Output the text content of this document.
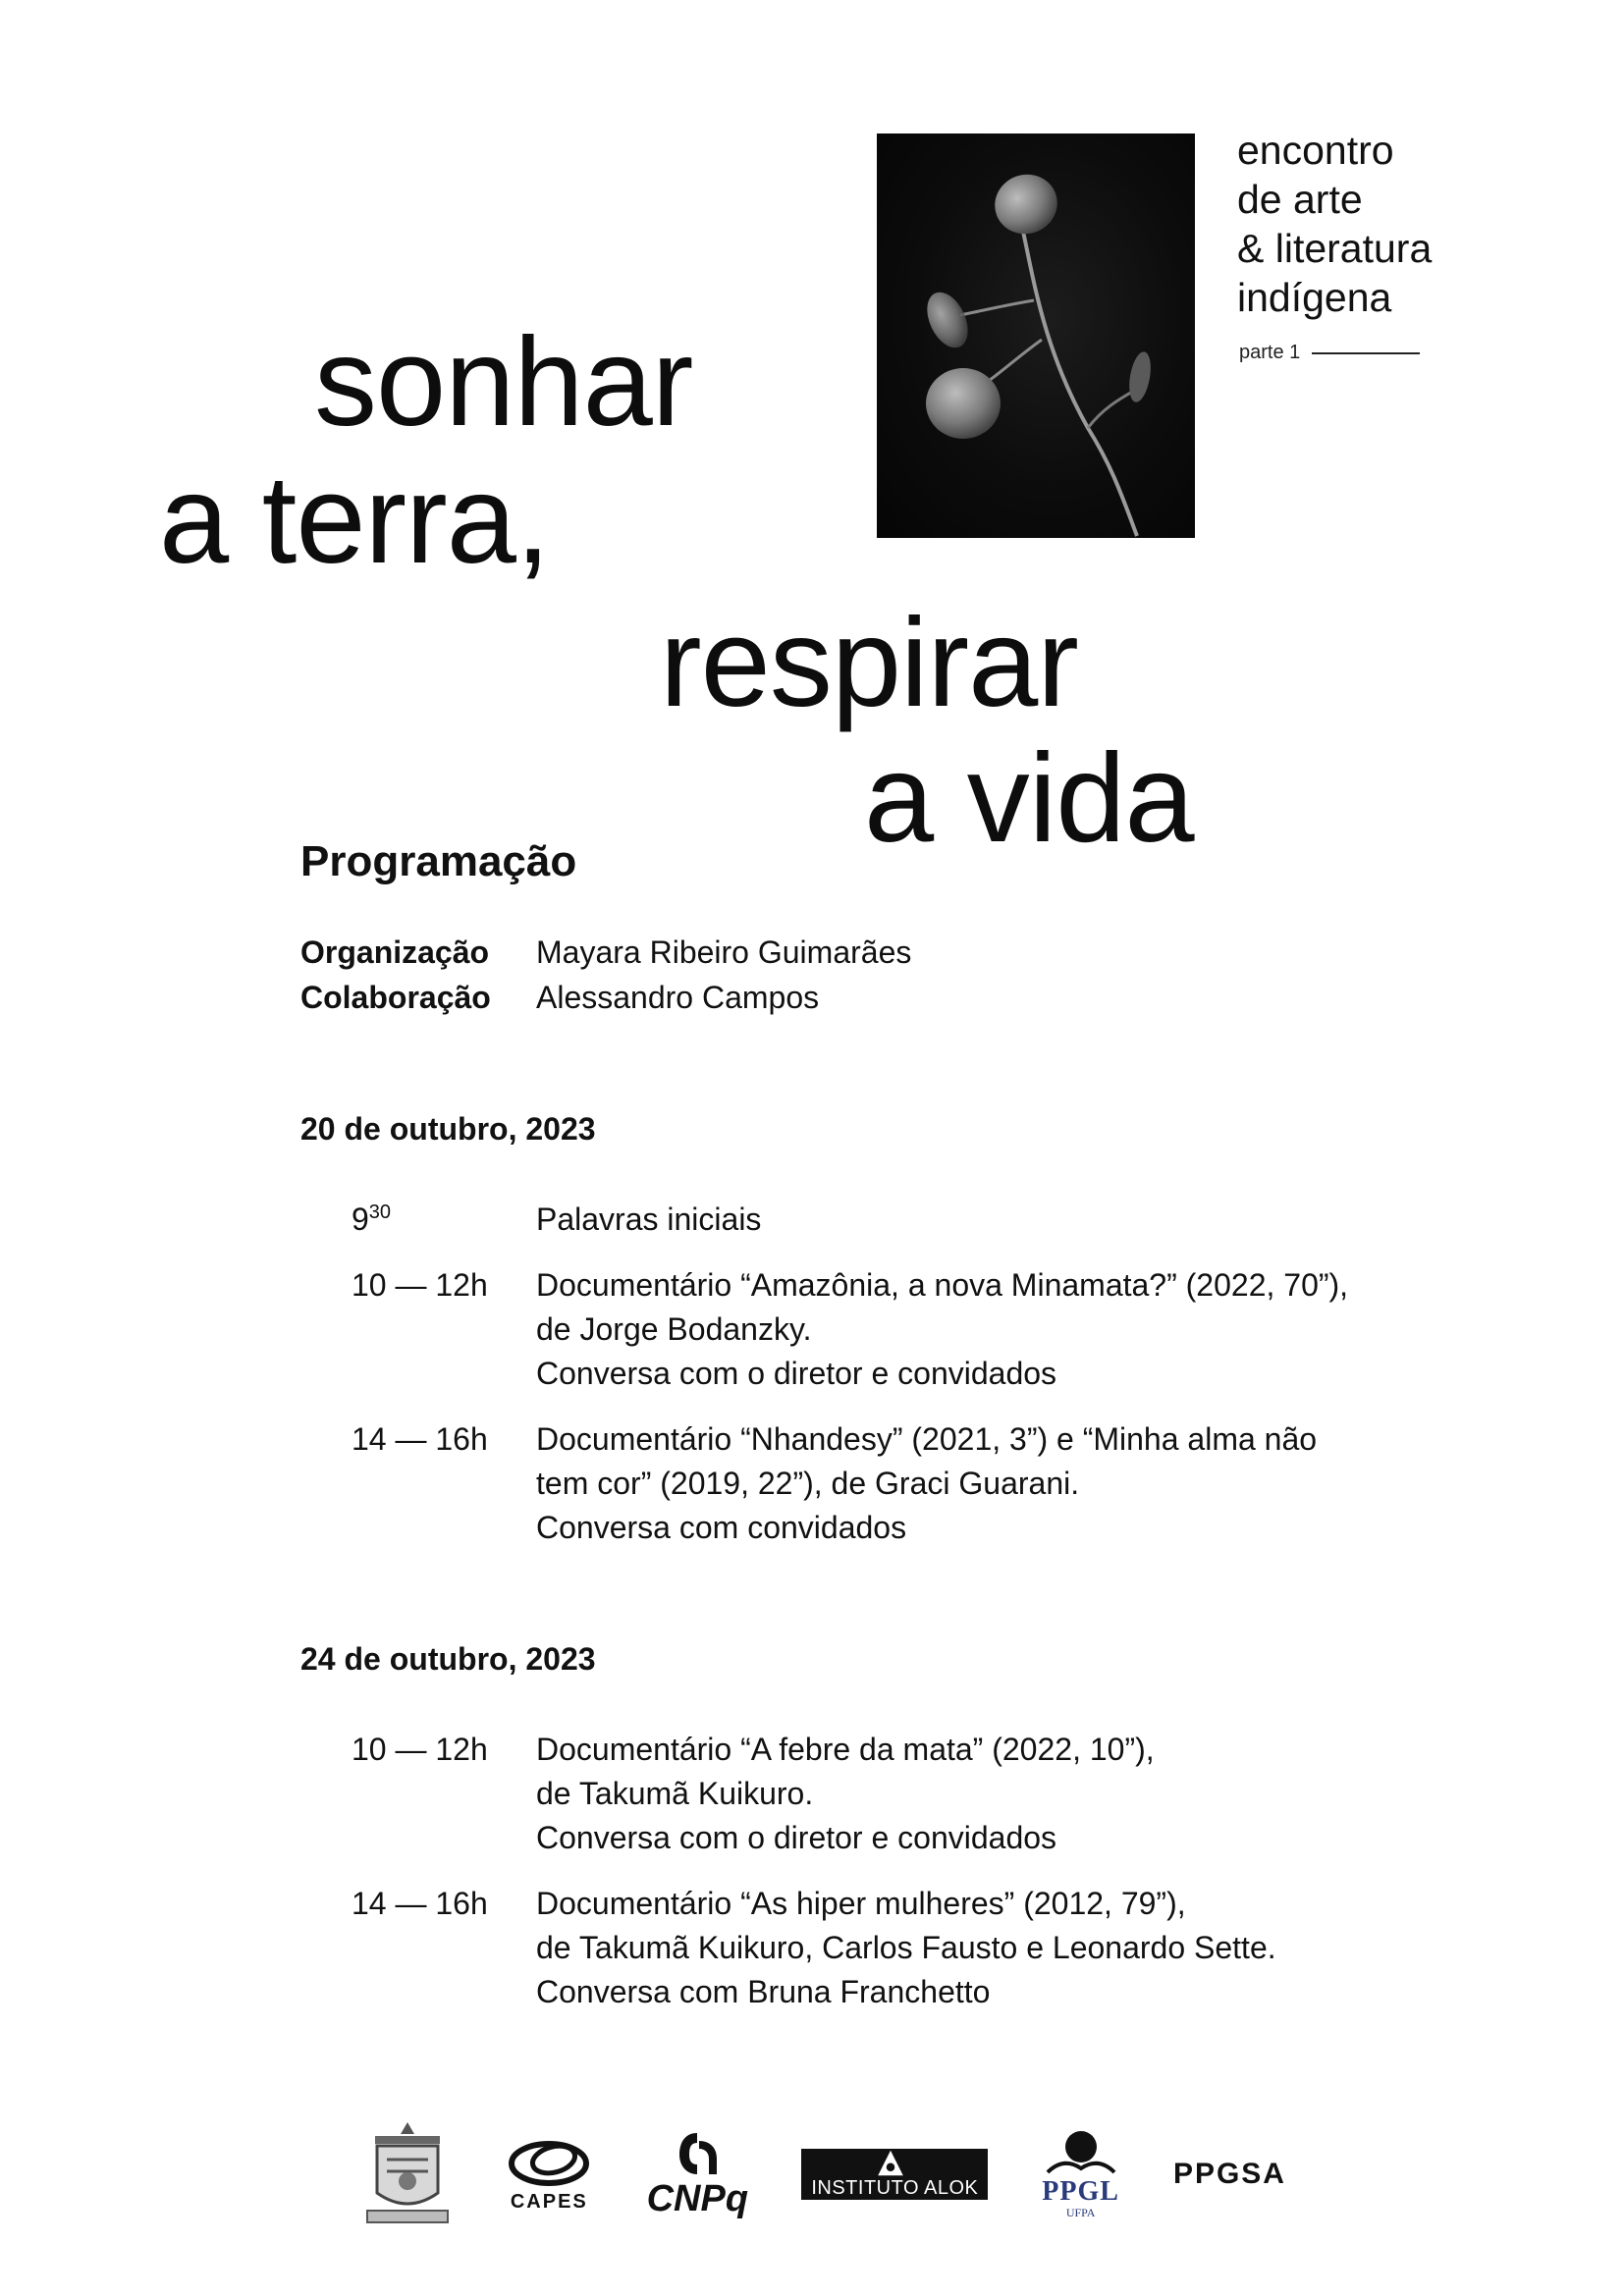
encontro
de arte
& literatura
indígena
parte 1
sonhar
a terra,
respirar
a vida
Programação
Organização	Mayara Ribeiro Guimarães
Colaboração	Alessandro Campos
20 de outubro, 2023
$9^{30}$	Palavras iniciais
10 — 12h	Documentário “Amazônia, a nova Minamata?” (2022, 70”),
de Jorge Bodanzky.
Conversa com o diretor e convidados
14 — 16h	Documentário “Nhandesy” (2021, 3”) e “Minha alma não
tem cor” (2019, 22”), de Graci Guarani.
Conversa com convidados
24 de outubro, 2023
10 — 12h	Documentário “A febre da mata” (2022, 10”),
de Takumã Kuikuro.
Conversa com o diretor e convidados
14 — 16h	Documentário “As hiper mulheres” (2012, 79”),
de Takumã Kuikuro, Carlos Fausto e Leonardo Sette.
Conversa com Bruna Franchetto
CAPES CNPq	INSTITUTO ALOK PPGL
UFPA
PPGSA
